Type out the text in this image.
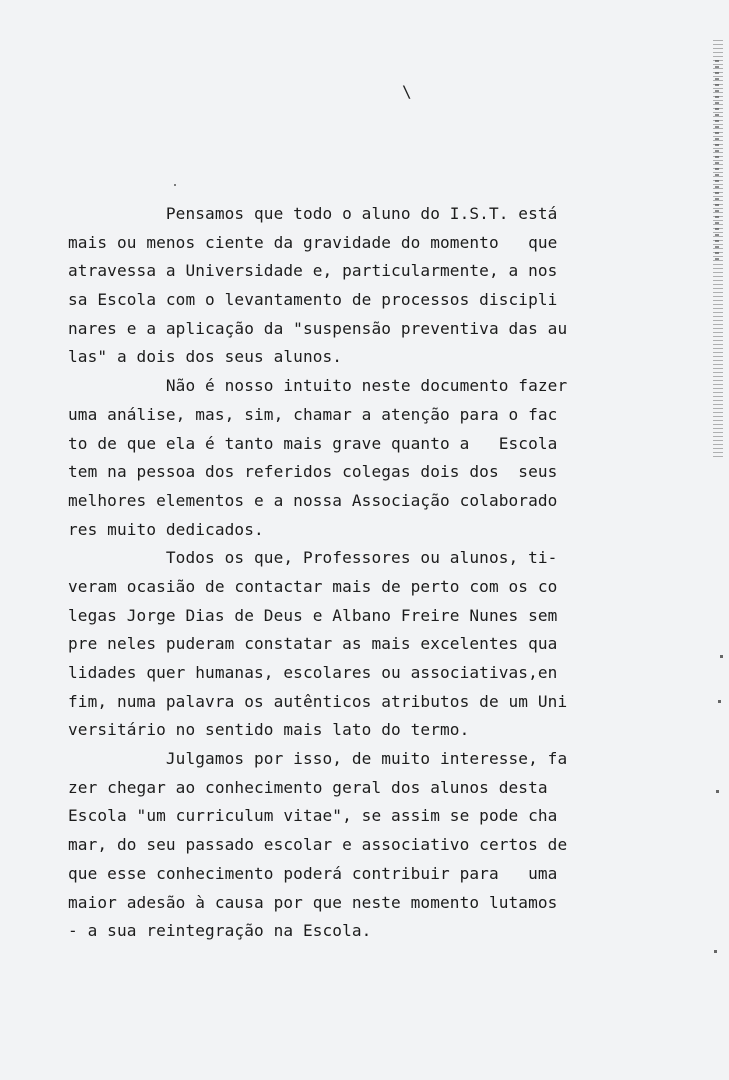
\
Pensamos que todo o aluno do I.S.T. está
mais ou menos ciente da gravidade do momento   que
atravessa a Universidade e, particularmente, a nos
sa Escola com o levantamento de processos discipli
nares e a aplicação da "suspensão preventiva das au
las" a dois dos seus alunos.
Não é nosso intuito neste documento fazer
uma análise, mas, sim, chamar a atenção para o fac
to de que ela é tanto mais grave quanto a   Escola
tem na pessoa dos referidos colegas dois dos  seus
melhores elementos e a nossa Associação colaborado
res muito dedicados.
Todos os que, Professores ou alunos, ti-
veram ocasião de contactar mais de perto com os co
legas Jorge Dias de Deus e Albano Freire Nunes sem
pre neles puderam constatar as mais excelentes qua
lidades quer humanas, escolares ou associativas,en
fim, numa palavra os autênticos atributos de um Uni
versitário no sentido mais lato do termo.
Julgamos por isso, de muito interesse, fa
zer chegar ao conhecimento geral dos alunos desta
Escola "um curriculum vitae", se assim se pode cha
mar, do seu passado escolar e associativo certos de
que esse conhecimento poderá contribuir para   uma
maior adesão à causa por que neste momento lutamos
- a sua reintegração na Escola.
